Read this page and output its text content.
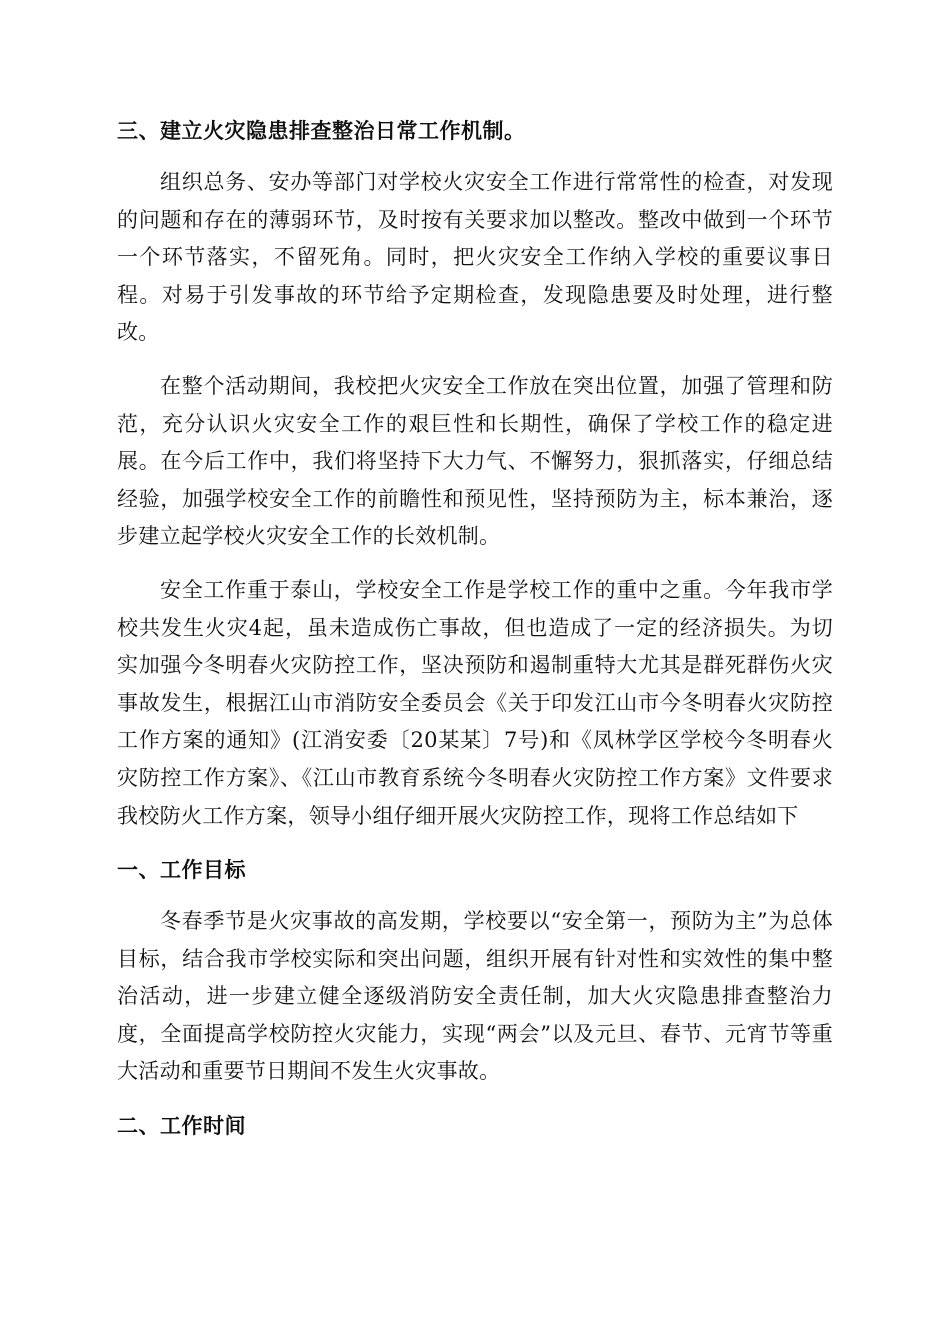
三、建立火灾隐患排查整治日常工作机制。

组织总务、安办等部门对学校火灾安全工作进行常常性的检查，对发现的问题和存在的薄弱环节，及时按有关要求加以整改。整改中做到一个环节一个环节落实，不留死角。同时，把火灾安全工作纳入学校的重要议事日程。对易于引发事故的环节给予定期检查，发现隐患要及时处理，进行整改。

在整个活动期间，我校把火灾安全工作放在突出位置，加强了管理和防范，充分认识火灾安全工作的艰巨性和长期性，确保了学校工作的稳定进展。在今后工作中，我们将坚持下大力气、不懈努力，狠抓落实，仔细总结经验，加强学校安全工作的前瞻性和预见性，坚持预防为主，标本兼治，逐步建立起学校火灾安全工作的长效机制。

安全工作重于泰山，学校安全工作是学校工作的重中之重。今年我市学校共发生火灾4起，虽未造成伤亡事故，但也造成了一定的经济损失。为切实加强今冬明春火灾防控工作，坚决预防和遏制重特大尤其是群死群伤火灾事故发生，根据江山市消防安全委员会《关于印发江山市今冬明春火灾防控工作方案的通知》(江消安委〔20某某〕7号)和《凤林学区学校今冬明春火灾防控工作方案》、《江山市教育系统今冬明春火灾防控工作方案》文件要求我校防火工作方案，领导小组仔细开展火灾防控工作，现将工作总结如下

一、工作目标

冬春季节是火灾事故的高发期，学校要以“安全第一，预防为主”为总体目标，结合我市学校实际和突出问题，组织开展有针对性和实效性的集中整治活动，进一步建立健全逐级消防安全责任制，加大火灾隐患排查整治力度，全面提高学校防控火灾能力，实现“两会”以及元旦、春节、元宵节等重大活动和重要节日期间不发生火灾事故。

二、工作时间
